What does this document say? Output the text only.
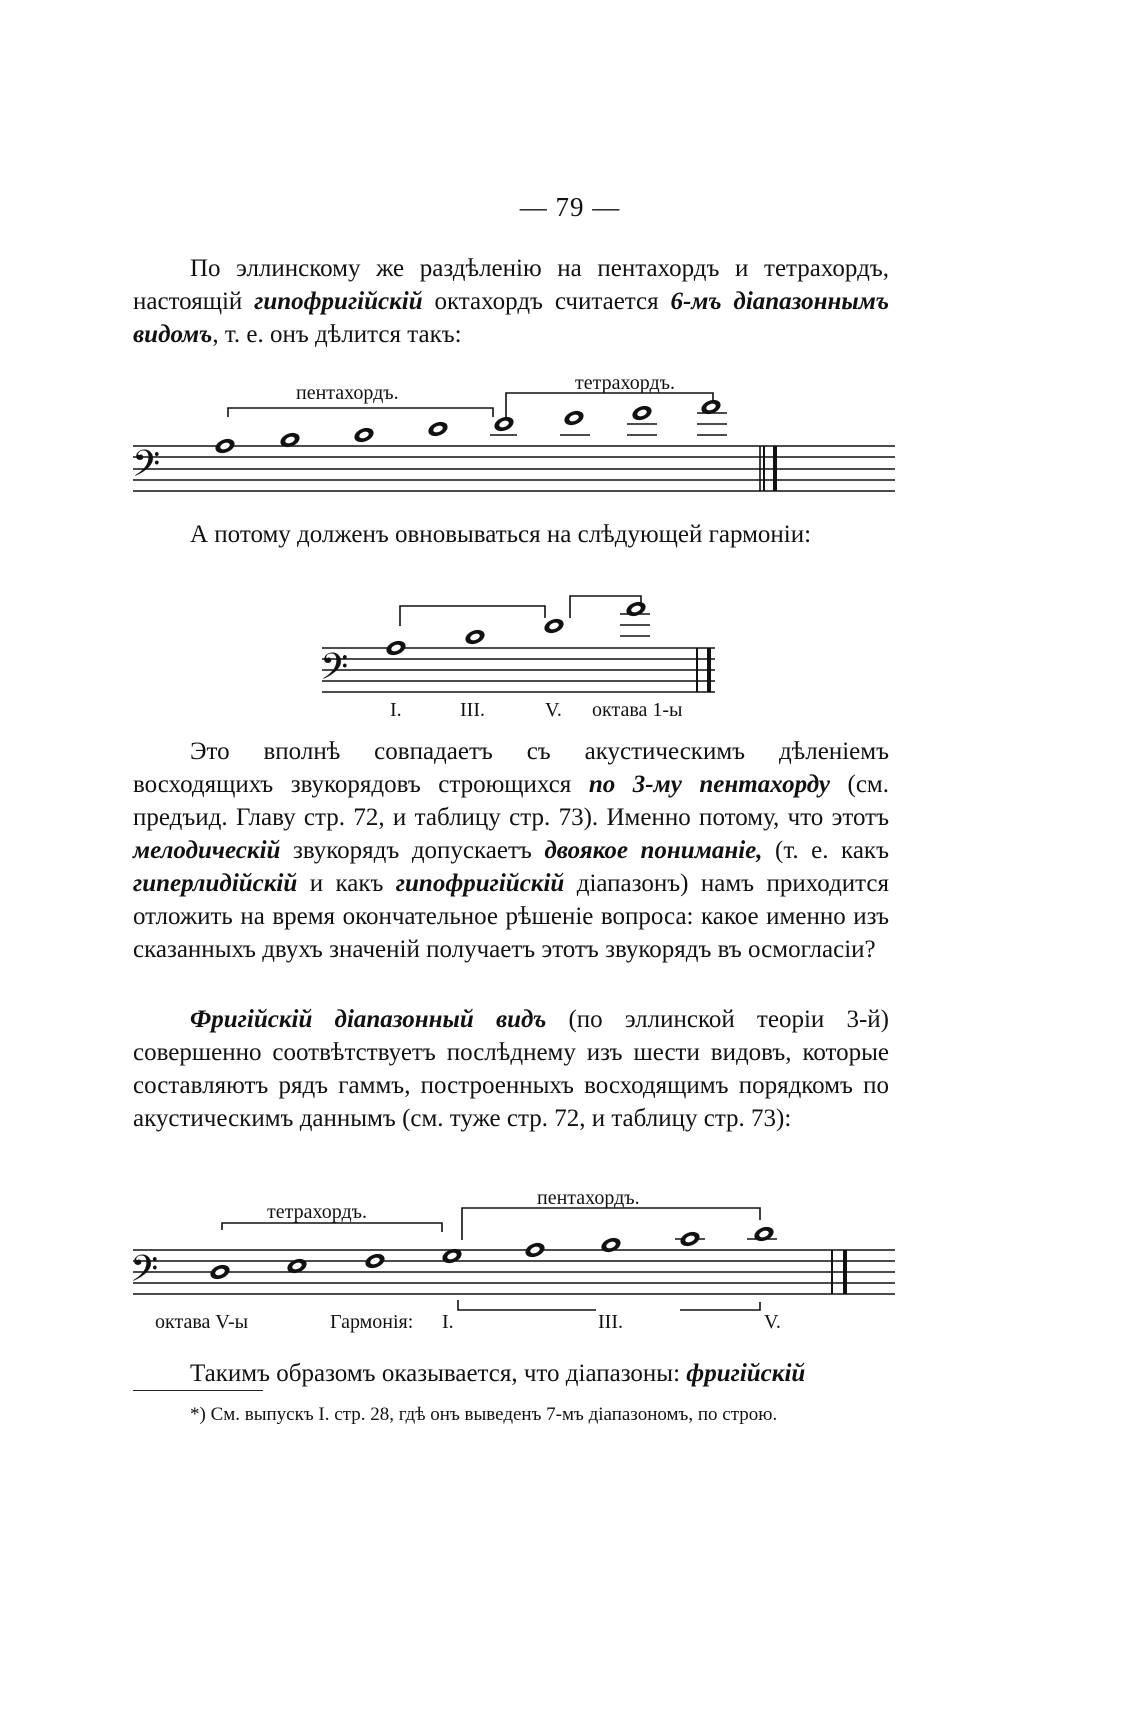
— 79 —
По эллинскому же раздѣленію на пентахордъ и тетрахордъ, настоящій гипофригійскій октахордъ считается 6-мъ діапазоннымъ видомъ, т. е. онъ дѣлится такъ:
пентахордъ.	тетрахордъ.
𝄢
А потому долженъ овновываться на слѣдующей гармоніи:
𝄢
I.	III.	V. октава 1-ы
Это вполнѣ совпадаетъ съ акустическимъ дѣленіемъ восходящихъ звукорядовъ строющихся по 3-му пентахорду (см. предъид. Главу стр. 72, и таблицу стр. 73). Именно потому, что этотъ мелодическій звукорядъ допускаетъ двоякое пониманіе, (т. е. какъ гиперлидійскій и какъ гипофригійскій діапазонъ) намъ приходится отложить на время окончательное рѣшеніе вопроса: какое именно изъ сказанныхъ двухъ значеній получаетъ этотъ звукорядъ въ осмогласіи?
Фригійскій діапазонный видъ (по эллинской теоріи 3-й) совершенно соотвѣтствуетъ послѣднему изъ шести видовъ, которые составляютъ рядъ гаммъ, построенныхъ восходящимъ порядкомъ по акустическимъ даннымъ (см. туже стр. 72, и таблицу стр. 73):
тетрахордъ.
пентахордъ.
𝄢
октава V-ы	Гармонія: I.	III.	V.
Такимъ образомъ оказывается, что діапазоны: фригійскій
*) См. выпускъ I. стр. 28, гдѣ онъ выведенъ 7-мъ діапазономъ, по строю.
